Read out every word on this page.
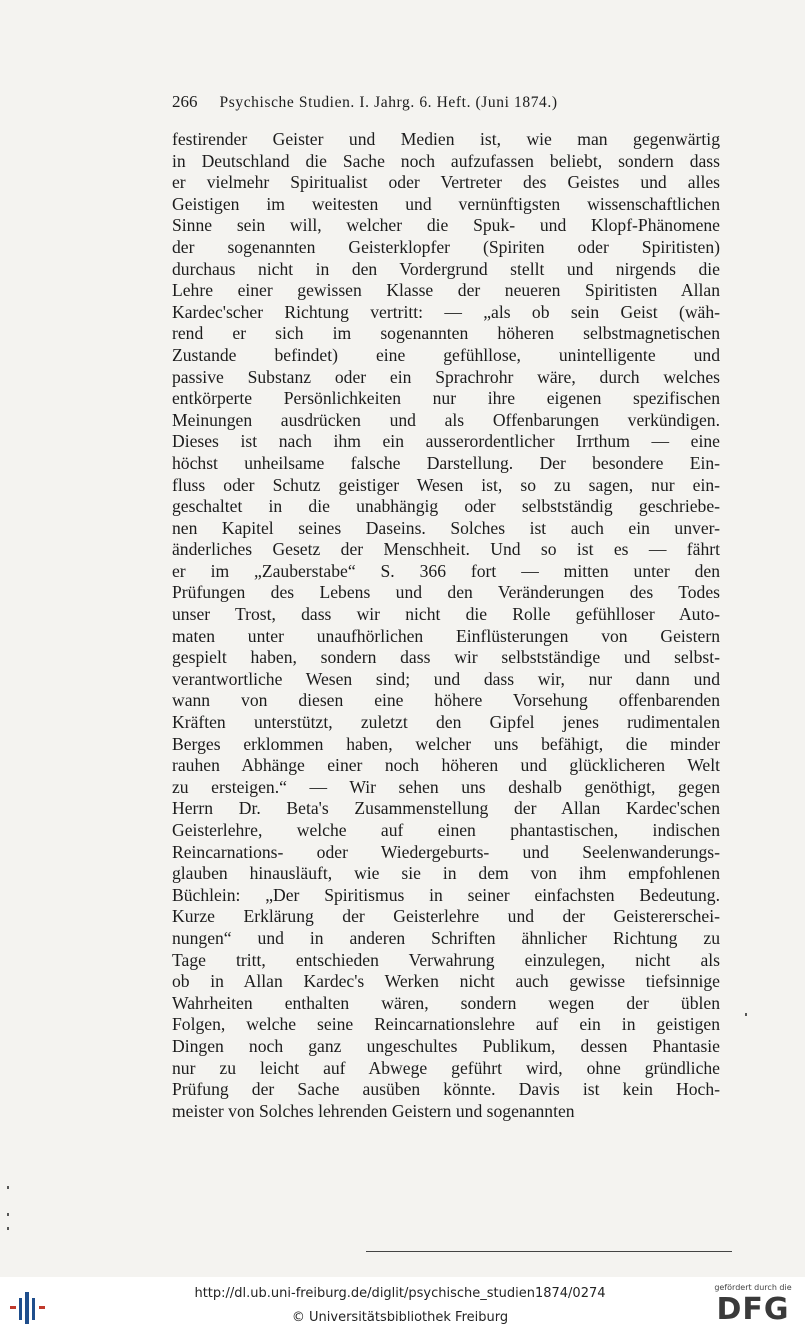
266 Psychische Studien. I. Jahrg. 6. Heft. (Juni 1874.)
festirender Geister und Medien ist, wie man gegenwärtig
in Deutschland die Sache noch aufzufassen beliebt, sondern dass
er vielmehr Spiritualist oder Vertreter des Geistes und alles
Geistigen im weitesten und vernünftigsten wissenschaftlichen
Sinne sein will, welcher die Spuk- und Klopf-Phänomene
der sogenannten Geisterklopfer (Spiriten oder Spiritisten)
durchaus nicht in den Vordergrund stellt und nirgends die
Lehre einer gewissen Klasse der neueren Spiritisten Allan
Kardec'scher Richtung vertritt: — „als ob sein Geist (wäh-
rend er sich im sogenannten höheren selbstmagnetischen
Zustande befindet) eine gefühllose, unintelligente und
passive Substanz oder ein Sprachrohr wäre, durch welches
entkörperte Persönlichkeiten nur ihre eigenen spezifischen
Meinungen ausdrücken und als Offenbarungen verkündigen.
Dieses ist nach ihm ein ausserordentlicher Irrthum — eine
höchst unheilsame falsche Darstellung. Der besondere Ein-
fluss oder Schutz geistiger Wesen ist, so zu sagen, nur ein-
geschaltet in die unabhängig oder selbstständig geschriebe-
nen Kapitel seines Daseins. Solches ist auch ein unver-
änderliches Gesetz der Menschheit. Und so ist es — fährt
er im „Zauberstabe“ S. 366 fort — mitten unter den
Prüfungen des Lebens und den Veränderungen des Todes
unser Trost, dass wir nicht die Rolle gefühlloser Auto-
maten unter unaufhörlichen Einflüsterungen von Geistern
gespielt haben, sondern dass wir selbstständige und selbst-
verantwortliche Wesen sind; und dass wir, nur dann und
wann von diesen eine höhere Vorsehung offenbarenden
Kräften unterstützt, zuletzt den Gipfel jenes rudimentalen
Berges erklommen haben, welcher uns befähigt, die minder
rauhen Abhänge einer noch höheren und glücklicheren Welt
zu ersteigen.“ — Wir sehen uns deshalb genöthigt, gegen
Herrn Dr. Beta's Zusammenstellung der Allan Kardec'schen
Geisterlehre, welche auf einen phantastischen, indischen
Reincarnations- oder Wiedergeburts- und Seelenwanderungs-
glauben hinausläuft, wie sie in dem von ihm empfohlenen
Büchlein: „Der Spiritismus in seiner einfachsten Bedeutung.
Kurze Erklärung der Geisterlehre und der Geistererschei-
nungen“ und in anderen Schriften ähnlicher Richtung zu
Tage tritt, entschieden Verwahrung einzulegen, nicht als
ob in Allan Kardec's Werken nicht auch gewisse tiefsinnige
Wahrheiten enthalten wären, sondern wegen der üblen
Folgen, welche seine Reincarnationslehre auf ein in geistigen
Dingen noch ganz ungeschultes Publikum, dessen Phantasie
nur zu leicht auf Abwege geführt wird, ohne gründliche
Prüfung der Sache ausüben könnte. Davis ist kein Hoch-
meister von Solches lehrenden Geistern und sogenannten
http://dl.ub.uni-freiburg.de/diglit/psychische_studien1874/0274
© Universitätsbibliothek Freiburg
gefördert durch die
DFG
